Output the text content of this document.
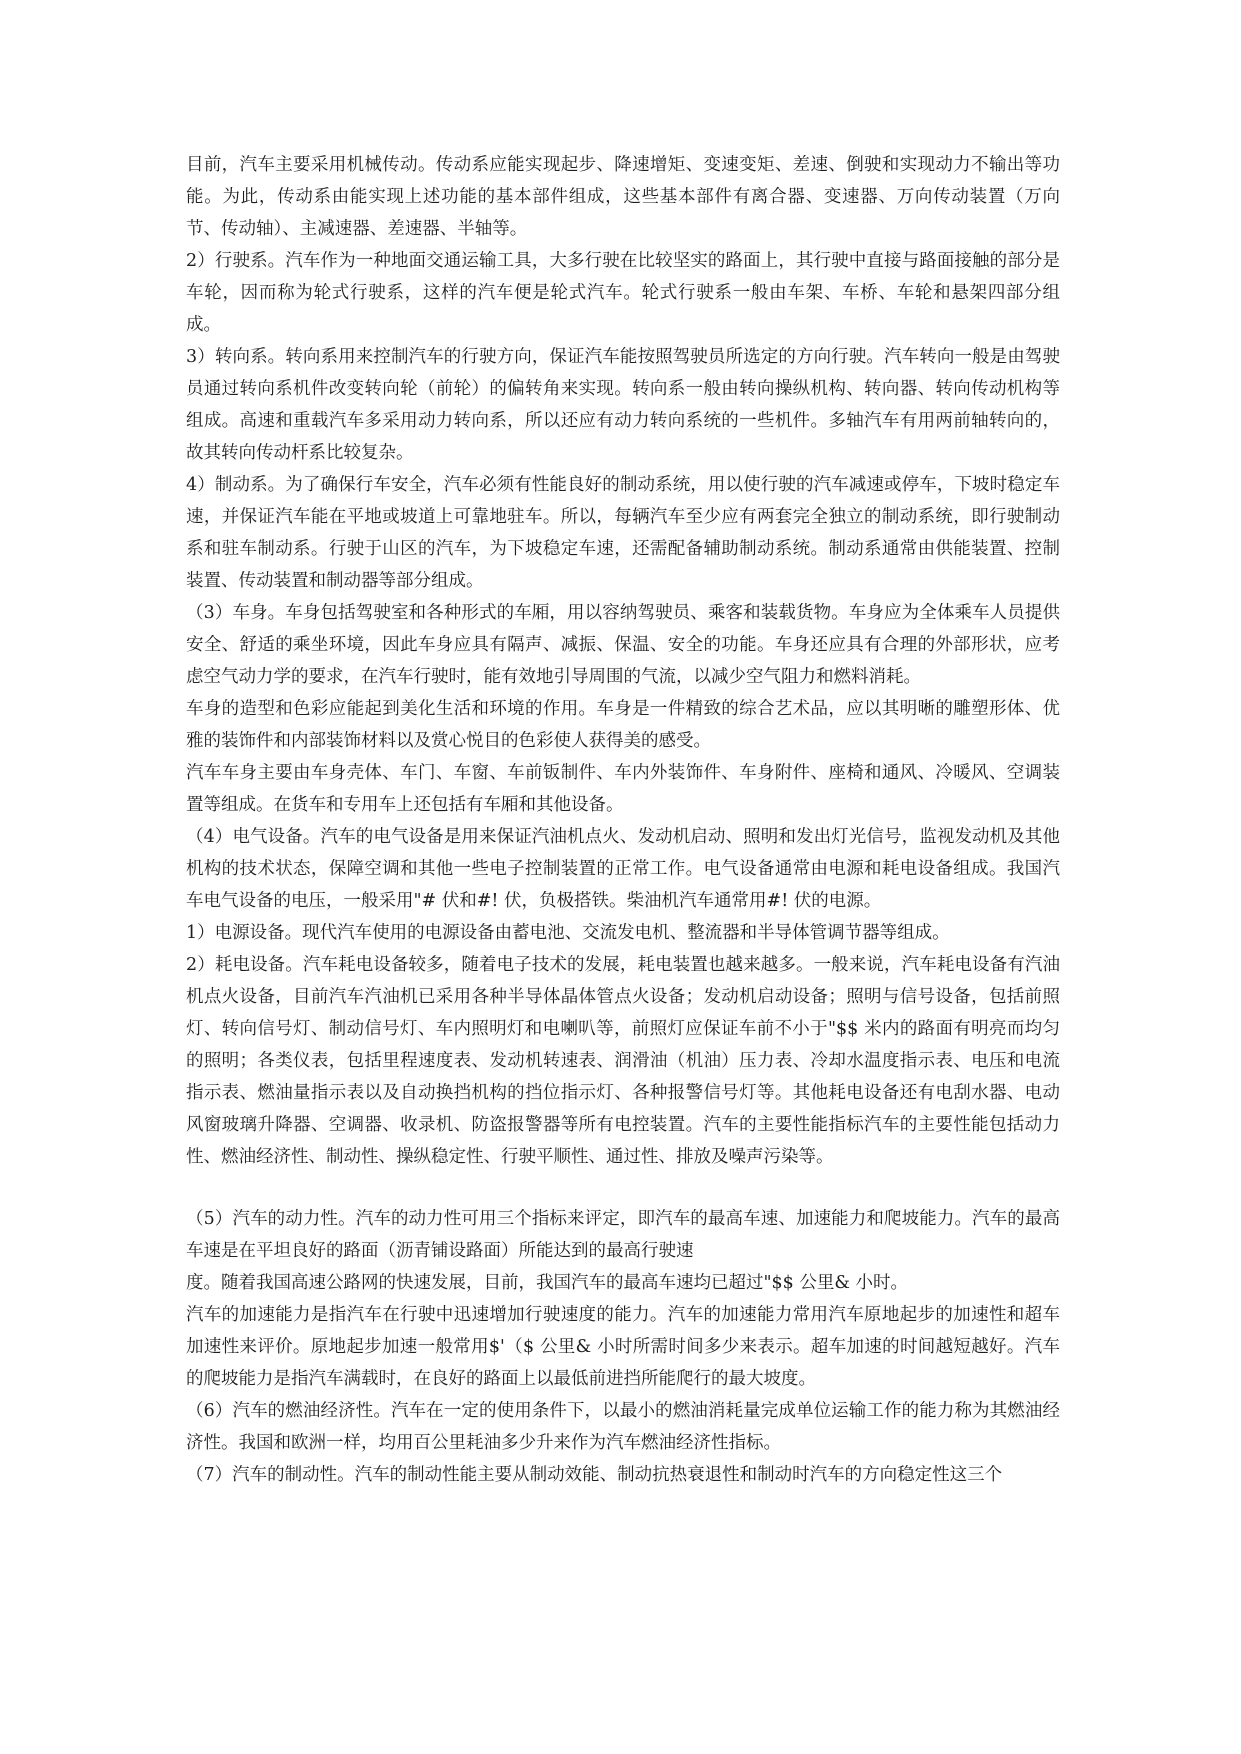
目前，汽车主要采用机械传动。传动系应能实现起步、降速增矩、变速变矩、差速、倒驶和实现动力不输出等功能。为此，传动系由能实现上述功能的基本部件组成，这些基本部件有离合器、变速器、万向传动装置（万向节、传动轴）、主减速器、差速器、半轴等。

2）行驶系。汽车作为一种地面交通运输工具，大多行驶在比较坚实的路面上，其行驶中直接与路面接触的部分是车轮，因而称为轮式行驶系，这样的汽车便是轮式汽车。轮式行驶系一般由车架、车桥、车轮和悬架四部分组成。

3）转向系。转向系用来控制汽车的行驶方向，保证汽车能按照驾驶员所选定的方向行驶。汽车转向一般是由驾驶员通过转向系机件改变转向轮（前轮）的偏转角来实现。转向系一般由转向操纵机构、转向器、转向传动机构等组成。高速和重载汽车多采用动力转向系，所以还应有动力转向系统的一些机件。多轴汽车有用两前轴转向的，故其转向传动杆系比较复杂。

4）制动系。为了确保行车安全，汽车必须有性能良好的制动系统，用以使行驶的汽车减速或停车，下坡时稳定车速，并保证汽车能在平地或坡道上可靠地驻车。所以，每辆汽车至少应有两套完全独立的制动系统，即行驶制动系和驻车制动系。行驶于山区的汽车，为下坡稳定车速，还需配备辅助制动系统。制动系通常由供能装置、控制装置、传动装置和制动器等部分组成。

（3）车身。车身包括驾驶室和各种形式的车厢，用以容纳驾驶员、乘客和装载货物。车身应为全体乘车人员提供安全、舒适的乘坐环境，因此车身应具有隔声、减振、保温、安全的功能。车身还应具有合理的外部形状，应考虑空气动力学的要求，在汽车行驶时，能有效地引导周围的气流，以减少空气阻力和燃料消耗。

车身的造型和色彩应能起到美化生活和环境的作用。车身是一件精致的综合艺术品，应以其明晰的雕塑形体、优雅的装饰件和内部装饰材料以及赏心悦目的色彩使人获得美的感受。

汽车车身主要由车身壳体、车门、车窗、车前钣制件、车内外装饰件、车身附件、座椅和通风、冷暖风、空调装置等组成。在货车和专用车上还包括有车厢和其他设备。

（4）电气设备。汽车的电气设备是用来保证汽油机点火、发动机启动、照明和发出灯光信号，监视发动机及其他机构的技术状态，保障空调和其他一些电子控制装置的正常工作。电气设备通常由电源和耗电设备组成。我国汽车电气设备的电压，一般采用"# 伏和#! 伏，负极搭铁。柴油机汽车通常用#! 伏的电源。

1）电源设备。现代汽车使用的电源设备由蓄电池、交流发电机、整流器和半导体管调节器等组成。

2）耗电设备。汽车耗电设备较多，随着电子技术的发展，耗电装置也越来越多。一般来说，汽车耗电设备有汽油机点火设备，目前汽车汽油机已采用各种半导体晶体管点火设备；发动机启动设备；照明与信号设备，包括前照灯、转向信号灯、制动信号灯、车内照明灯和电喇叭等，前照灯应保证车前不小于"$$ 米内的路面有明亮而均匀的照明；各类仪表，包括里程速度表、发动机转速表、润滑油（机油）压力表、冷却水温度指示表、电压和电流指示表、燃油量指示表以及自动换挡机构的挡位指示灯、各种报警信号灯等。其他耗电设备还有电刮水器、电动风窗玻璃升降器、空调器、收录机、防盗报警器等所有电控装置。汽车的主要性能指标汽车的主要性能包括动力性、燃油经济性、制动性、操纵稳定性、行驶平顺性、通过性、排放及噪声污染等。

（5）汽车的动力性。汽车的动力性可用三个指标来评定，即汽车的最高车速、加速能力和爬坡能力。汽车的最高车速是在平坦良好的路面（沥青铺设路面）所能达到的最高行驶速

度。随着我国高速公路网的快速发展，目前，我国汽车的最高车速均已超过"$$ 公里& 小时。

汽车的加速能力是指汽车在行驶中迅速增加行驶速度的能力。汽车的加速能力常用汽车原地起步的加速性和超车加速性来评价。原地起步加速一般常用$'（$ 公里& 小时所需时间多少来表示。超车加速的时间越短越好。汽车的爬坡能力是指汽车满载时，在良好的路面上以最低前进挡所能爬行的最大坡度。

（6）汽车的燃油经济性。汽车在一定的使用条件下，以最小的燃油消耗量完成单位运输工作的能力称为其燃油经济性。我国和欧洲一样，均用百公里耗油多少升来作为汽车燃油经济性指标。

（7）汽车的制动性。汽车的制动性能主要从制动效能、制动抗热衰退性和制动时汽车的方向稳定性这三个
